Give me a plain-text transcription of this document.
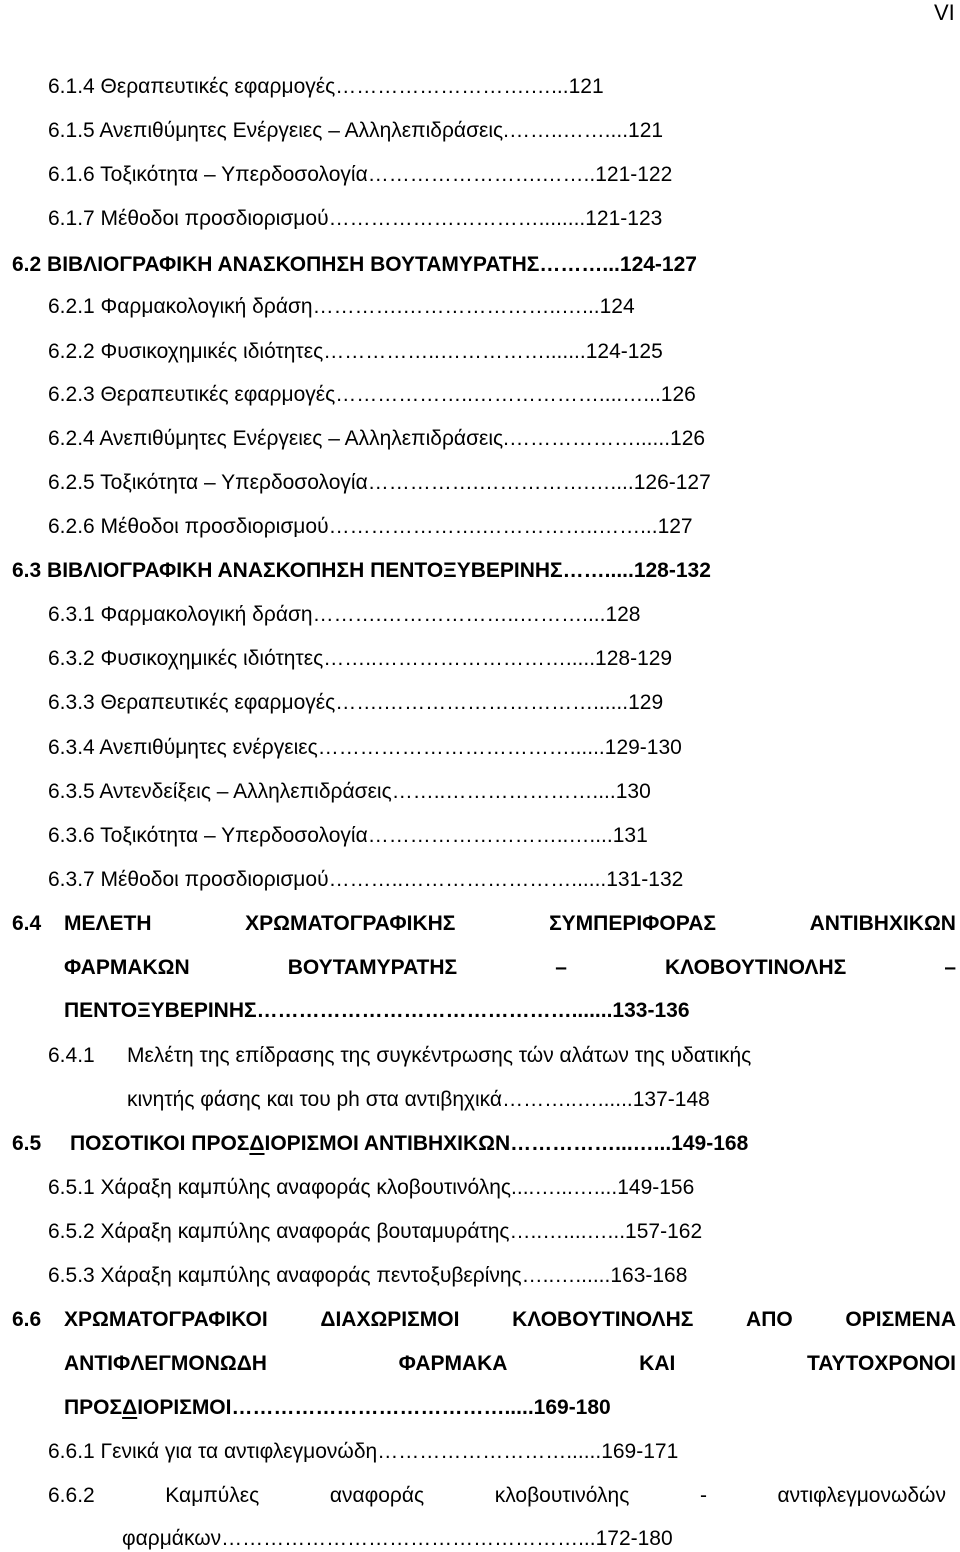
VI
6.1.4 Θεραπευτικές εφαρμογές……………………….…...121
6.1.5 Ανεπιθύμητες Ενέργειες – Αλληλεπιδράσεις.……..……....121
6.1.6 Τοξικότητα – Υπερδοσολογία…………………….……..121-122
6.1.7 Μέθοδοι προσδιορισμού…………………………........121-123
6.2 ΒΙΒΛΙΟΓΡΑΦΙΚΗ ΑΝΑΣΚΟΠΗΣΗ ΒΟΥΤΑΜΥΡΑΤΗΣ………...124-127
6.2.1 Φαρμακολογική δράση………….…………………..…...124
6.2.2 Φυσικοχημικές ιδιότητες……………..…………….......124-125
6.2.3 Θεραπευτικές εφαρμογές………………..………………....…...126
6.2.4 Ανεπιθύμητες Ενέργειες – Αλληλεπιδράσεις.………………......126
6.2.5 Τοξικότητα – Υπερδοσολογία…………….…………….…....126-127
6.2.6 Μέθοδοι προσδιορισμού………………….……………..……...127
6.3 ΒΙΒΛΙΟΓΡΑΦΙΚΗ ΑΝΑΣΚΟΠΗΣΗ ΠΕΝΤΟΞΥΒΕΡΙΝΗΣ…….....128-132
6.3.1 Φαρμακολογική δράση……….………………..………....128
6.3.2 Φυσικοχημικές ιδιότητες……..……………………….....128-129
6.3.3 Θεραπευτικές εφαρμογές…….…………………………......129
6.3.4 Ανεπιθύμητες ενέργειες………………………………......129-130
6.3.5 Αντενδείξεις – Αλληλεπιδράσεις……..…………………....130
6.3.6 Τοξικότητα – Υπερδοσολογία………………………..…....131
6.3.7 Μέθοδοι προσδιορισμού………..……………………......131-132
6.4 ΜΕΛΕΤΗ	ΧΡΩΜΑΤΟΓΡΑΦΙΚΗΣ	ΣΥΜΠΕΡΙΦΟΡΑΣ	ΑΝΤΙΒΗΧΙΚΩΝ
ΦΑΡΜΑΚΩΝ	ΒΟΥΤΑΜΥΡΑΤΗΣ	–	ΚΛΟΒΟΥΤΙΝΟΛΗΣ	–
ΠΕΝΤΟΞΥΒΕΡΙΝΗΣ……………………………………….......133-136
6.4.1 Μελέτη της επίδρασης της συγκέντρωσης τών αλάτων της υδατικής
κινητής φάσης και του ph στα αντιβηχικά………..…......137-148
6.5 ΠΟΣΟΤΙΚΟΙ ΠΡΟΣΔΙΟΡΙΣΜΟΙ ΑΝΤΙΒΗΧΙΚΩΝ……………...…...149-168
6.5.1 Χάραξη καμπύλης αναφοράς κλοβουτινόλης....…...…....149-156
6.5.2 Χάραξη καμπύλης αναφοράς βουταμυράτης…..…....…...157-162
6.5.3 Χάραξη καμπύλης αναφοράς πεντοξυβερίνης…..…......163-168
6.6 ΧΡΩΜΑΤΟΓΡΑΦΙΚΟΙ	ΔΙΑΧΩΡΙΣΜΟΙ	ΚΛΟΒΟΥΤΙΝΟΛΗΣ	ΑΠΟ	ΟΡΙΣΜΕΝΑ
ΑΝΤΙΦΛΕΓΜΟΝΩΔΗ	ΦΑΡΜΑΚΑ	ΚΑΙ	ΤΑΥΤΟΧΡΟΝΟΙ
ΠΡΟΣΔΙΟΡΙΣΜΟΙ………………………………….....169-180
6.6.1 Γενικά για τα αντιφλεγμονώδη………………………......169-171
6.6.2	Καμπύλες	αναφοράς	κλοβουτινόλης	-	αντιφλεγμονωδών
φαρμάκων……………………………………………...172-180
